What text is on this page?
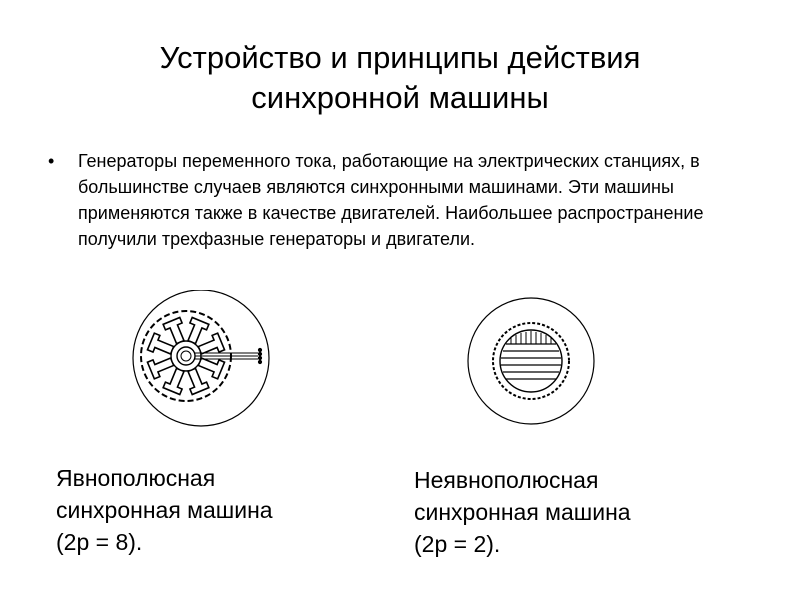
Устройство и принципы действия
синхронной машины
• Генераторы переменного тока, работающие на электрических станциях, в большинстве случаев являются синхронными машинами. Эти машины применяются также в качестве двигателей. Наибольшее распространение получили трехфазные генераторы и двигатели.
Явнополюсная
синхронная машина
(2p = 8).
Неявнополюсная
синхронная машина
(2p = 2).
